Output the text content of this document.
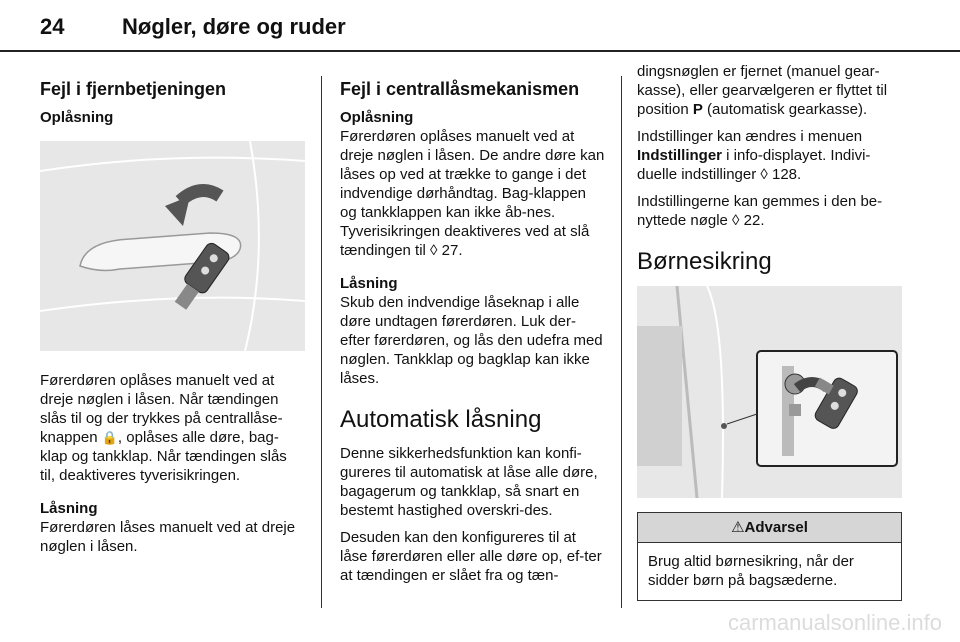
24	Nøgler, døre og ruder
Fejl i fjernbetjeningen
Oplåsning

Førerdøren oplåses manuelt ved at dreje nøglen i låsen. Når tændingen slås til og der trykkes på centrallåse-knappen 🔒, oplåses alle døre, bag-klap og tankklap. Når tændingen slås til, deaktiveres tyverisikringen.

Låsning

Førerdøren låses manuelt ved at dreje nøglen i låsen.

Fejl i centrallåsmekanismen
Oplåsning

Førerdøren oplåses manuelt ved at dreje nøglen i låsen. De andre døre kan låses op ved at trække to gange i det indvendige dørhåndtag. Bag-klappen og tankklappen kan ikke åb-nes. Tyverisikringen deaktiveres ved at slå tændingen til ◊ 27.

Låsning

Skub den indvendige låseknap i alle døre undtagen førerdøren. Luk der-efter førerdøren, og lås den udefra med nøglen. Tankklap og bagklap kan ikke låses.

Automatisk låsning

Denne sikkerhedsfunktion kan konfi-gureres til automatisk at låse alle døre, bagagerum og tankklap, så snart en bestemt hastighed overskri-des.

Desuden kan den konfigureres til at låse førerdøren eller alle døre op, ef-ter at tændingen er slået fra og tæn-

dingsnøglen er fjernet (manuel gear-kasse), eller gearvælgeren er flyttet til position P (automatisk gearkasse).

Indstillinger kan ændres i menuen Indstillinger i info-displayet. Indivi-duelle indstillinger ◊ 128.

Indstillingerne kan gemmes i den be-nyttede nøgle ◊ 22.

Børnesikring
⚠Advarsel
Brug altid børnesikring, når der sidder børn på bagsæderne.
carmanualsonline.info
